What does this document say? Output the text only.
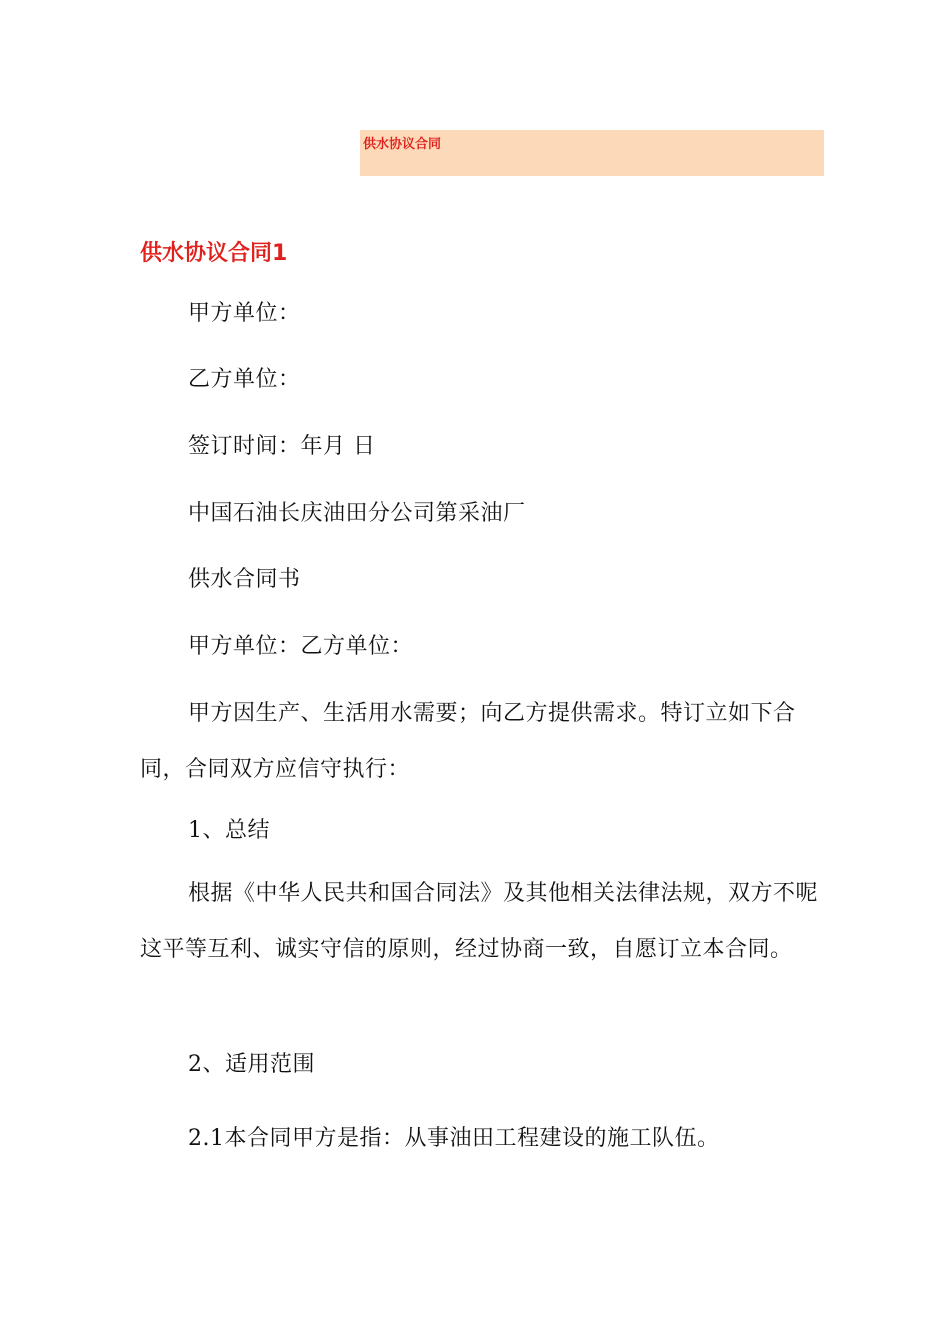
供水协议合同
供水协议合同1

甲方单位：

乙方单位：

签订时间：年月 日

中国石油长庆油田分公司第采油厂

供水合同书

甲方单位：乙方单位：

甲方因生产、生活用水需要；向乙方提供需求。特订立如下合同，合同双方应信守执行：

1、总结

根据《中华人民共和国合同法》及其他相关法律法规，双方不呢这平等互利、诚实守信的原则，经过协商一致，自愿订立本合同。

2、适用范围

2.1本合同甲方是指：从事油田工程建设的施工队伍。
